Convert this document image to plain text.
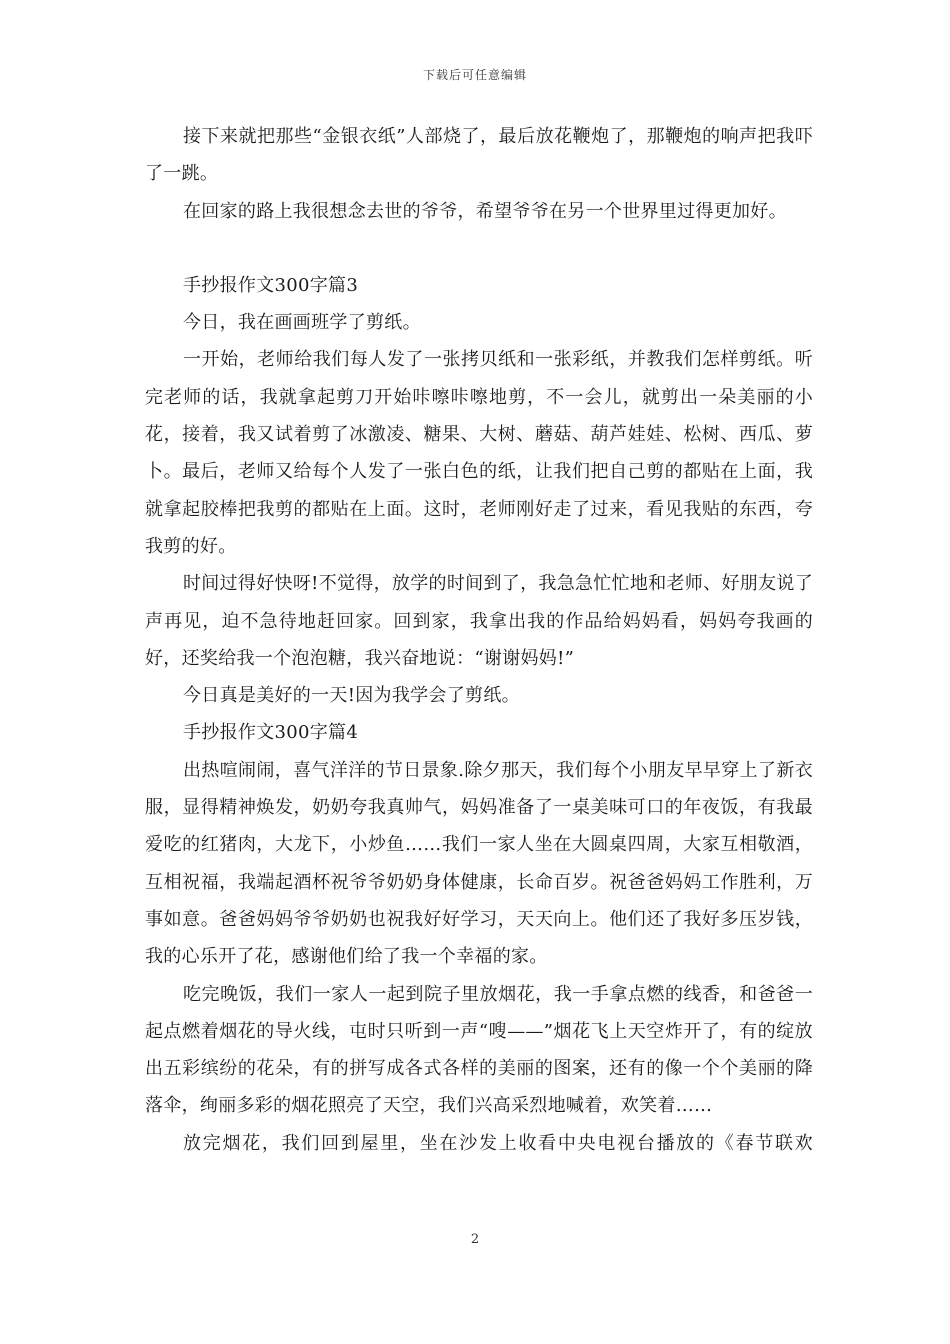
下载后可任意编辑

接下来就把那些“金银衣纸”人部烧了，最后放花鞭炮了，那鞭炮的响声把我吓了一跳。

在回家的路上我很想念去世的爷爷，希望爷爷在另一个世界里过得更加好。

手抄报作文300字篇3

今日，我在画画班学了剪纸。

一开始，老师给我们每人发了一张拷贝纸和一张彩纸，并教我们怎样剪纸。听完老师的话，我就拿起剪刀开始咔嚓咔嚓地剪，不一会儿，就剪出一朵美丽的小花，接着，我又试着剪了冰激凌、糖果、大树、蘑菇、葫芦娃娃、松树、西瓜、萝卜。最后，老师又给每个人发了一张白色的纸，让我们把自己剪的都贴在上面，我就拿起胶棒把我剪的都贴在上面。这时，老师刚好走了过来，看见我贴的东西，夸我剪的好。

时间过得好快呀!不觉得，放学的时间到了，我急急忙忙地和老师、好朋友说了声再见，迫不急待地赶回家。回到家，我拿出我的作品给妈妈看，妈妈夸我画的好，还奖给我一个泡泡糖，我兴奋地说：“谢谢妈妈!”

今日真是美好的一天!因为我学会了剪纸。

手抄报作文300字篇4

出热喧闹闹，喜气洋洋的节日景象.除夕那天，我们每个小朋友早早穿上了新衣服，显得精神焕发，奶奶夸我真帅气，妈妈准备了一桌美味可口的年夜饭，有我最爱吃的红猪肉，大龙下，小炒鱼……我们一家人坐在大圆桌四周，大家互相敬酒，互相祝福，我端起酒杯祝爷爷奶奶身体健康，长命百岁。祝爸爸妈妈工作胜利，万事如意。爸爸妈妈爷爷奶奶也祝我好好学习，天天向上。他们还了我好多压岁钱，我的心乐开了花，感谢他们给了我一个幸福的家。

吃完晚饭，我们一家人一起到院子里放烟花，我一手拿点燃的线香，和爸爸一起点燃着烟花的导火线，屯时只听到一声“嗖——”烟花飞上天空炸开了，有的绽放出五彩缤纷的花朵，有的拼写成各式各样的美丽的图案，还有的像一个个美丽的降落伞，绚丽多彩的烟花照亮了天空，我们兴高采烈地喊着，欢笑着……

放完烟花，我们回到屋里，坐在沙发上收看中央电视台播放的《春节联欢

2
